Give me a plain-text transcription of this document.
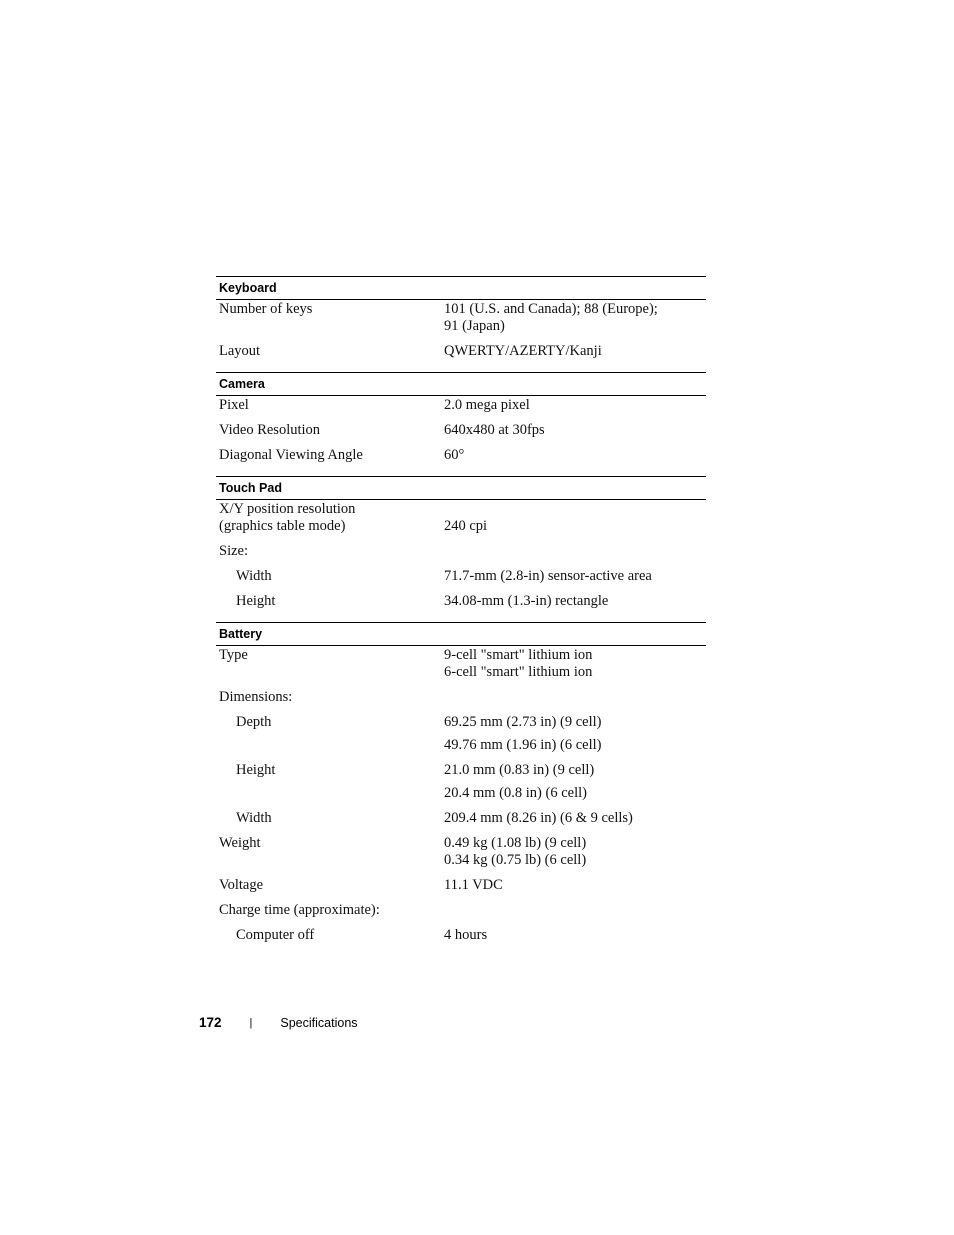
Keyboard
Number of keys	101 (U.S. and Canada); 88 (Europe);
91 (Japan)
Layout	QWERTY/AZERTY/Kanji
Camera
Pixel	2.0 mega pixel
Video Resolution	640x480 at 30fps
Diagonal Viewing Angle	60°
Touch Pad
X/Y position resolution
(graphics table mode)	240 cpi
Size:
Width	71.7-mm (2.8-in) sensor-active area
Height	34.08-mm (1.3-in) rectangle
Battery
Type	9-cell "smart" lithium ion
6-cell "smart" lithium ion
Dimensions:
Depth	69.25 mm (2.73 in) (9 cell)
49.76 mm (1.96 in) (6 cell)
Height	21.0 mm (0.83 in) (9 cell)
20.4 mm (0.8 in) (6 cell)
Width	209.4 mm (8.26 in) (6 & 9 cells)
Weight	0.49 kg (1.08 lb) (9 cell)
0.34 kg (0.75 lb) (6 cell)
Voltage	11.1 VDC
Charge time (approximate):
Computer off	4 hours
172	| Specifications
